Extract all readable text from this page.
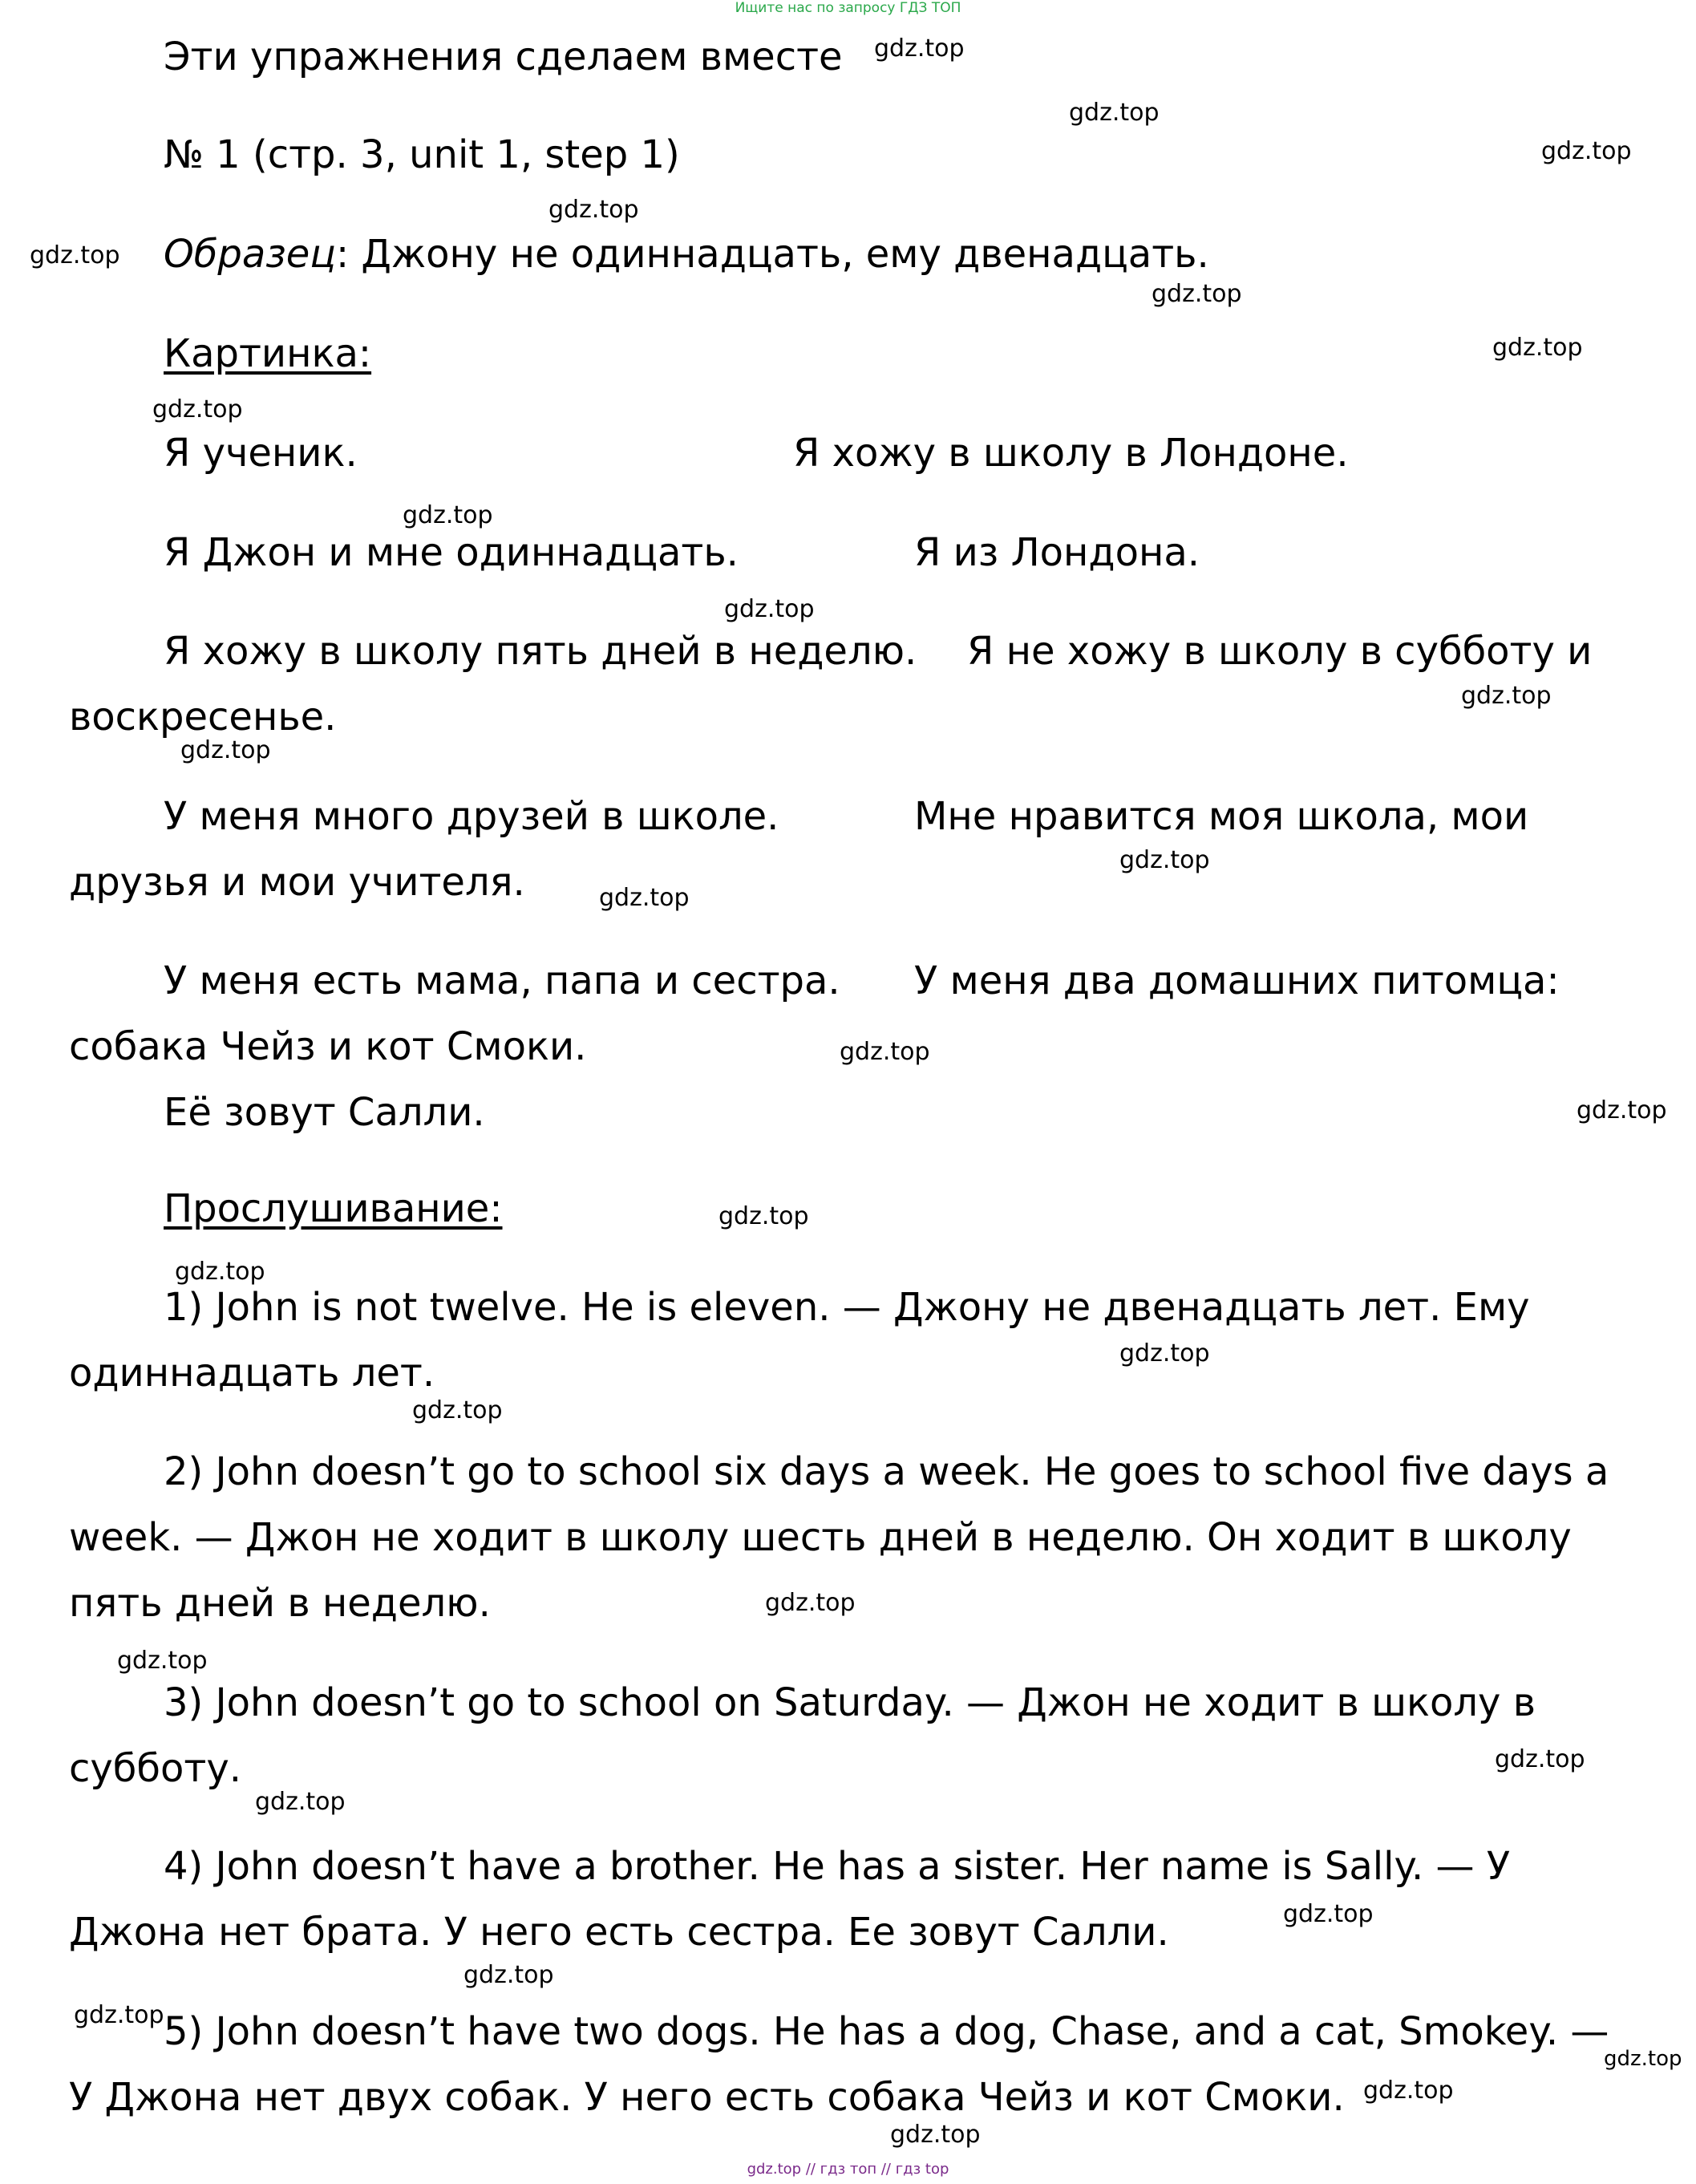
Ищите нас по запросу ГДЗ ТОП
Эти упражнения сделаем вместе
№ 1 (стр. 3, unit 1, step 1)
Образец: Джону не одиннадцать, ему двенадцать.
Картинка:
Я ученик.	Я хожу в школу в Лондоне.
Я Джон и мне одиннадцать.	Я из Лондона.
Я хожу в школу пять дней в неделю. Я не хожу в школу в субботу и воскресенье.
У меня много друзей в школе.	Мне нравится моя школа, мои друзья и мои учителя.
У меня есть мама, папа и сестра. У меня два домашних питомца: собака Чейз и кот Смоки.
Её зовут Салли.
Прослушивание:
1) John is not twelve. He is eleven. — Джону не двенадцать лет. Ему одиннадцать лет.
2) John doesn’t go to school six days a week. He goes to school five days a week. — Джон не ходит в школу шесть дней в неделю. Он ходит в школу пять дней в неделю.
3) John doesn’t go to school on Saturday. — Джон не ходит в школу в субботу.
4) John doesn’t have a brother. He has a sister. Her name is Sally. — У Джона нет брата. У него есть сестра. Ее зовут Салли.
5) John doesn’t have two dogs. He has a dog, Chase, and a cat, Smokey. — У Джона нет двух собак. У него есть собака Чейз и кот Смоки.
gdz.top
gdz.top
gdz.top
gdz.top
gdz.top
gdz.top
gdz.top
gdz.top
gdz.top
gdz.top
gdz.top
gdz.top
gdz.top
gdz.top
gdz.top
gdz.top
gdz.top
gdz.top
gdz.top
gdz.top
gdz.top
gdz.top
gdz.top
gdz.top
gdz.top
gdz.top
gdz.top
gdz.top
gdz.top
gdz.top
gdz.top // гдз топ // гдз top
